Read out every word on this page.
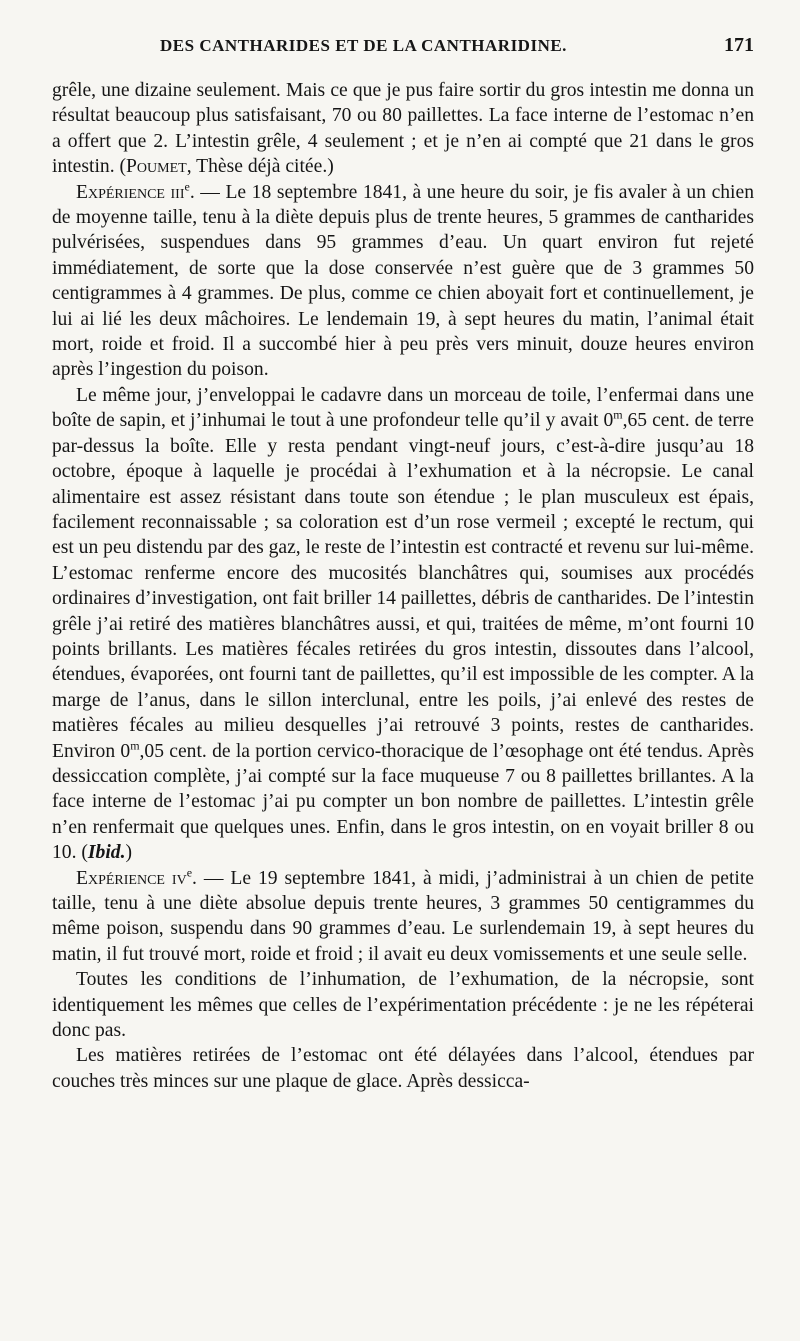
DES CANTHARIDES ET DE LA CANTHARIDINE.	171

grêle, une dizaine seulement. Mais ce que je pus faire sortir du gros intestin me donna un résultat beaucoup plus satisfaisant, 70 ou 80 paillettes. La face interne de l’estomac n’en a offert que 2. L’intestin grêle, 4 seulement ; et je n’en ai compté que 21 dans le gros intestin. (Poumet, Thèse déjà citée.)

Expérience iii$^e$. — Le 18 septembre 1841, à une heure du soir, je fis avaler à un chien de moyenne taille, tenu à la diète depuis plus de trente heures, 5 grammes de cantharides pulvérisées, suspendues dans 95 grammes d’eau. Un quart environ fut rejeté immédiatement, de sorte que la dose conservée n’est guère que de 3 grammes 50 centigrammes à 4 grammes. De plus, comme ce chien aboyait fort et continuellement, je lui ai lié les deux mâchoires. Le lendemain 19, à sept heures du matin, l’animal était mort, roide et froid. Il a succombé hier à peu près vers minuit, douze heures environ après l’ingestion du poison.

Le même jour, j’enveloppai le cadavre dans un morceau de toile, l’enfermai dans une boîte de sapin, et j’inhumai le tout à une profondeur telle qu’il y avait 0$^m$,65 cent. de terre par-dessus la boîte. Elle y resta pendant vingt-neuf jours, c’est-à-dire jusqu’au 18 octobre, époque à laquelle je procédai à l’exhumation et à la nécropsie. Le canal alimentaire est assez résistant dans toute son étendue ; le plan musculeux est épais, facilement reconnaissable ; sa coloration est d’un rose vermeil ; excepté le rectum, qui est un peu distendu par des gaz, le reste de l’intestin est contracté et revenu sur lui-même. L’estomac renferme encore des mucosités blanchâtres qui, soumises aux procédés ordinaires d’investigation, ont fait briller 14 paillettes, débris de cantharides. De l’intestin grêle j’ai retiré des matières blanchâtres aussi, et qui, traitées de même, m’ont fourni 10 points brillants. Les matières fécales retirées du gros intestin, dissoutes dans l’alcool, étendues, évaporées, ont fourni tant de paillettes, qu’il est impossible de les compter. A la marge de l’anus, dans le sillon interclunal, entre les poils, j’ai enlevé des restes de matières fécales au milieu desquelles j’ai retrouvé 3 points, restes de cantharides. Environ 0$^m$,05 cent. de la portion cervico-thoracique de l’œsophage ont été tendus. Après dessiccation complète, j’ai compté sur la face muqueuse 7 ou 8 paillettes brillantes. A la face interne de l’estomac j’ai pu compter un bon nombre de paillettes. L’intestin grêle n’en renfermait que quelques unes. Enfin, dans le gros intestin, on en voyait briller 8 ou 10. (Ibid.)

Expérience $iv^e$. — Le 19 septembre 1841, à midi, j’administrai à un chien de petite taille, tenu à une diète absolue depuis trente heures, 3 grammes 50 centigrammes du même poison, suspendu dans 90 grammes d’eau. Le surlendemain 19, à sept heures du matin, il fut trouvé mort, roide et froid ; il avait eu deux vomissements et une seule selle.

Toutes les conditions de l’inhumation, de l’exhumation, de la nécropsie, sont identiquement les mêmes que celles de l’expérimentation précédente : je ne les répéterai donc pas.

Les matières retirées de l’estomac ont été délayées dans l’alcool, étendues par couches très minces sur une plaque de glace. Après dessicca-
